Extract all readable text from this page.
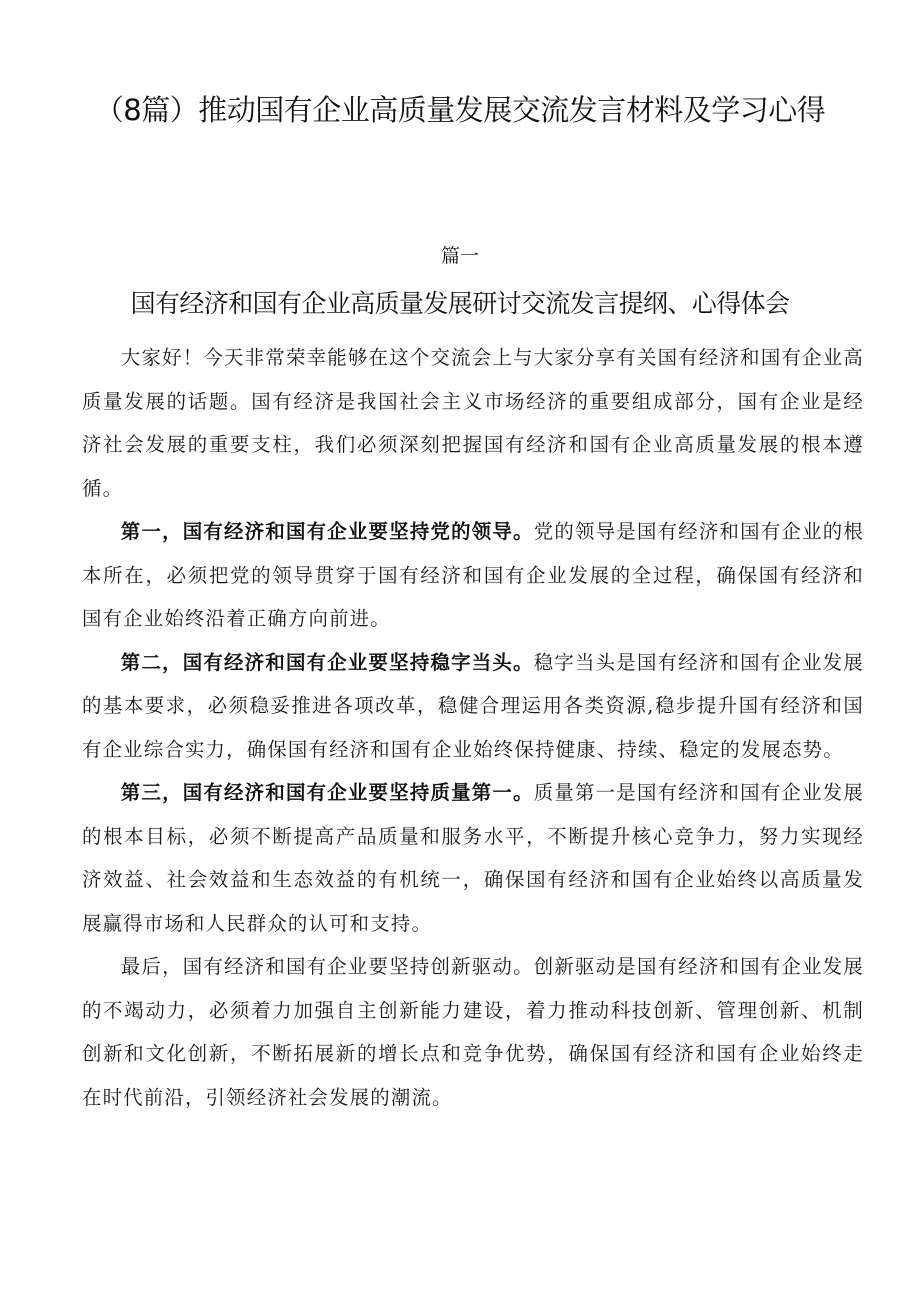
（8篇）推动国有企业高质量发展交流发言材料及学习心得
篇一
国有经济和国有企业高质量发展研讨交流发言提纲、心得体会

大家好！今天非常荣幸能够在这个交流会上与大家分享有关国有经济和国有企业高质量发展的话题。国有经济是我国社会主义市场经济的重要组成部分，国有企业是经济社会发展的重要支柱，我们必须深刻把握国有经济和国有企业高质量发展的根本遵循。

第一，国有经济和国有企业要坚持党的领导。党的领导是国有经济和国有企业的根本所在，必须把党的领导贯穿于国有经济和国有企业发展的全过程，确保国有经济和国有企业始终沿着正确方向前进。

第二，国有经济和国有企业要坚持稳字当头。稳字当头是国有经济和国有企业发展的基本要求，必须稳妥推进各项改革，稳健合理运用各类资源,稳步提升国有经济和国有企业综合实力，确保国有经济和国有企业始终保持健康、持续、稳定的发展态势。

第三，国有经济和国有企业要坚持质量第一。质量第一是国有经济和国有企业发展的根本目标，必须不断提高产品质量和服务水平，不断提升核心竞争力，努力实现经济效益、社会效益和生态效益的有机统一，确保国有经济和国有企业始终以高质量发展赢得市场和人民群众的认可和支持。

最后，国有经济和国有企业要坚持创新驱动。创新驱动是国有经济和国有企业发展的不竭动力，必须着力加强自主创新能力建设，着力推动科技创新、管理创新、机制创新和文化创新，不断拓展新的增长点和竞争优势，确保国有经济和国有企业始终走在时代前沿，引领经济社会发展的潮流。
